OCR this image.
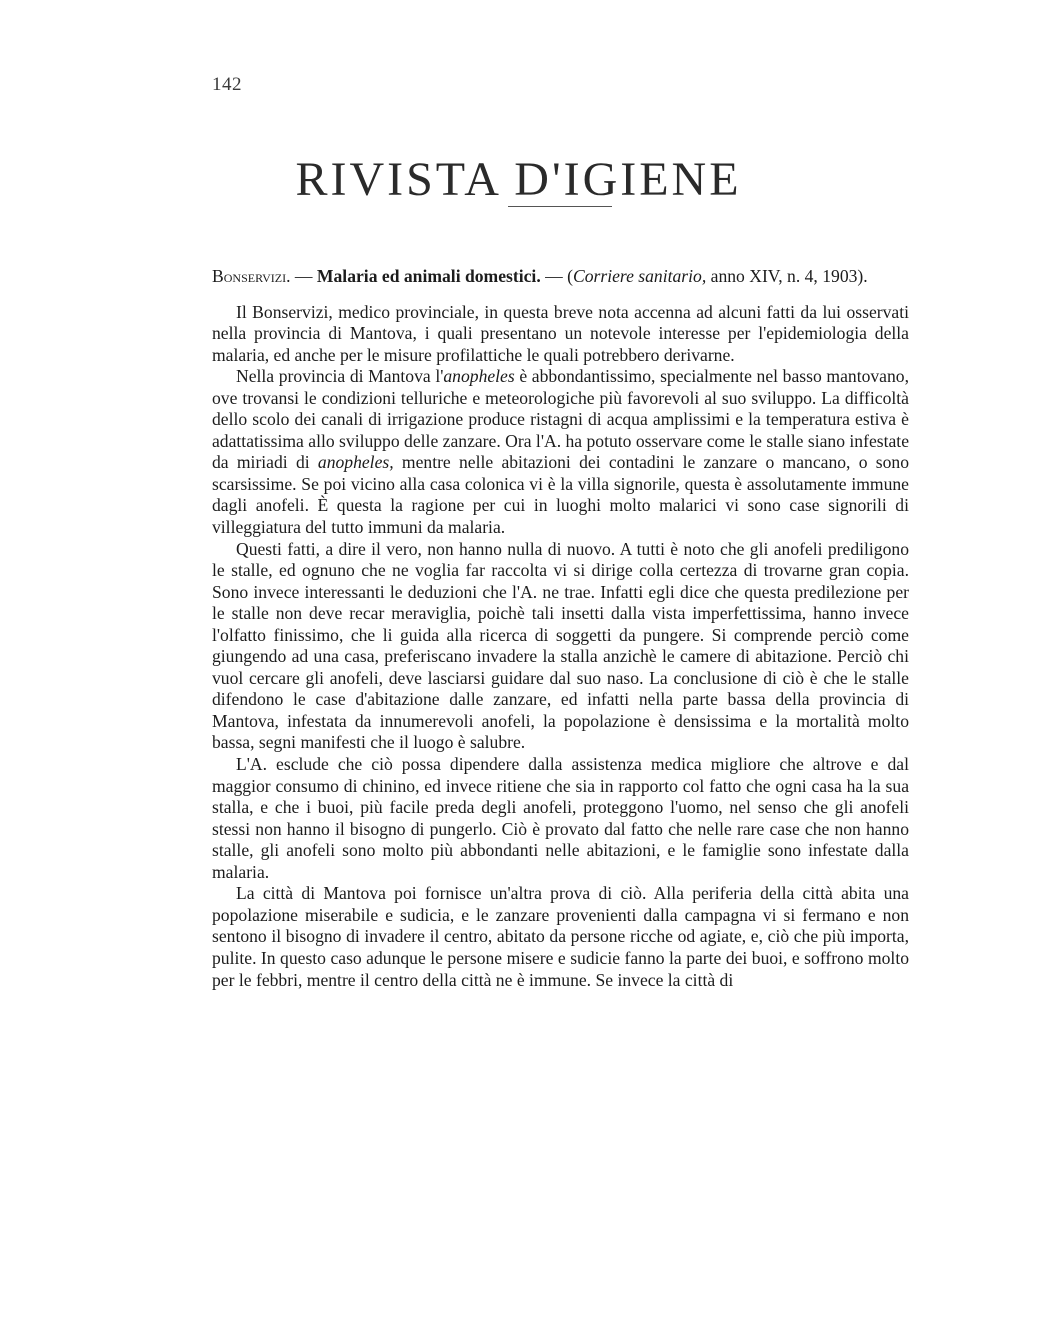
142
RIVISTA D'IGIENE

Bonservizi. — Malaria ed animali domestici. — (Corriere sanitario, anno XIV, n. 4, 1903).

Il Bonservizi, medico provinciale, in questa breve nota accenna ad alcuni fatti da lui osservati nella provincia di Mantova, i quali presentano un notevole interesse per l'epidemiologia della malaria, ed anche per le misure profilattiche le quali potrebbero derivarne.

Nella provincia di Mantova l'anopheles è abbondantissimo, specialmente nel basso mantovano, ove trovansi le condizioni telluriche e meteorologiche più favorevoli al suo sviluppo. La difficoltà dello scolo dei canali di irrigazione produce ristagni di acqua amplissimi e la temperatura estiva è adattatissima allo sviluppo delle zanzare. Ora l'A. ha potuto osservare come le stalle siano infestate da miriadi di anopheles, mentre nelle abitazioni dei contadini le zanzare o mancano, o sono scarsissime. Se poi vicino alla casa colonica vi è la villa signorile, questa è assolutamente immune dagli anofeli. È questa la ragione per cui in luoghi molto malarici vi sono case signorili di villeggiatura del tutto immuni da malaria.

Questi fatti, a dire il vero, non hanno nulla di nuovo. A tutti è noto che gli anofeli prediligono le stalle, ed ognuno che ne voglia far raccolta vi si dirige colla certezza di trovarne gran copia. Sono invece interessanti le deduzioni che l'A. ne trae. Infatti egli dice che questa predilezione per le stalle non deve recar meraviglia, poichè tali insetti dalla vista imperfettissima, hanno invece l'olfatto finissimo, che li guida alla ricerca di soggetti da pungere. Si comprende perciò come giungendo ad una casa, preferiscano invadere la stalla anzichè le camere di abitazione. Perciò chi vuol cercare gli anofeli, deve lasciarsi guidare dal suo naso. La conclusione di ciò è che le stalle difendono le case d'abitazione dalle zanzare, ed infatti nella parte bassa della provincia di Mantova, infestata da innumerevoli anofeli, la popolazione è densissima e la mortalità molto bassa, segni manifesti che il luogo è salubre.

L'A. esclude che ciò possa dipendere dalla assistenza medica migliore che altrove e dal maggior consumo di chinino, ed invece ritiene che sia in rapporto col fatto che ogni casa ha la sua stalla, e che i buoi, più facile preda degli anofeli, proteggono l'uomo, nel senso che gli anofeli stessi non hanno il bisogno di pungerlo. Ciò è provato dal fatto che nelle rare case che non hanno stalle, gli anofeli sono molto più abbondanti nelle abitazioni, e le famiglie sono infestate dalla malaria.

La città di Mantova poi fornisce un'altra prova di ciò. Alla periferia della città abita una popolazione miserabile e sudicia, e le zanzare provenienti dalla campagna vi si fermano e non sentono il bisogno di invadere il centro, abitato da persone ricche od agiate, e, ciò che più importa, pulite. In questo caso adunque le persone misere e sudicie fanno la parte dei buoi, e soffrono molto per le febbri, mentre il centro della città ne è immune. Se invece la città di
